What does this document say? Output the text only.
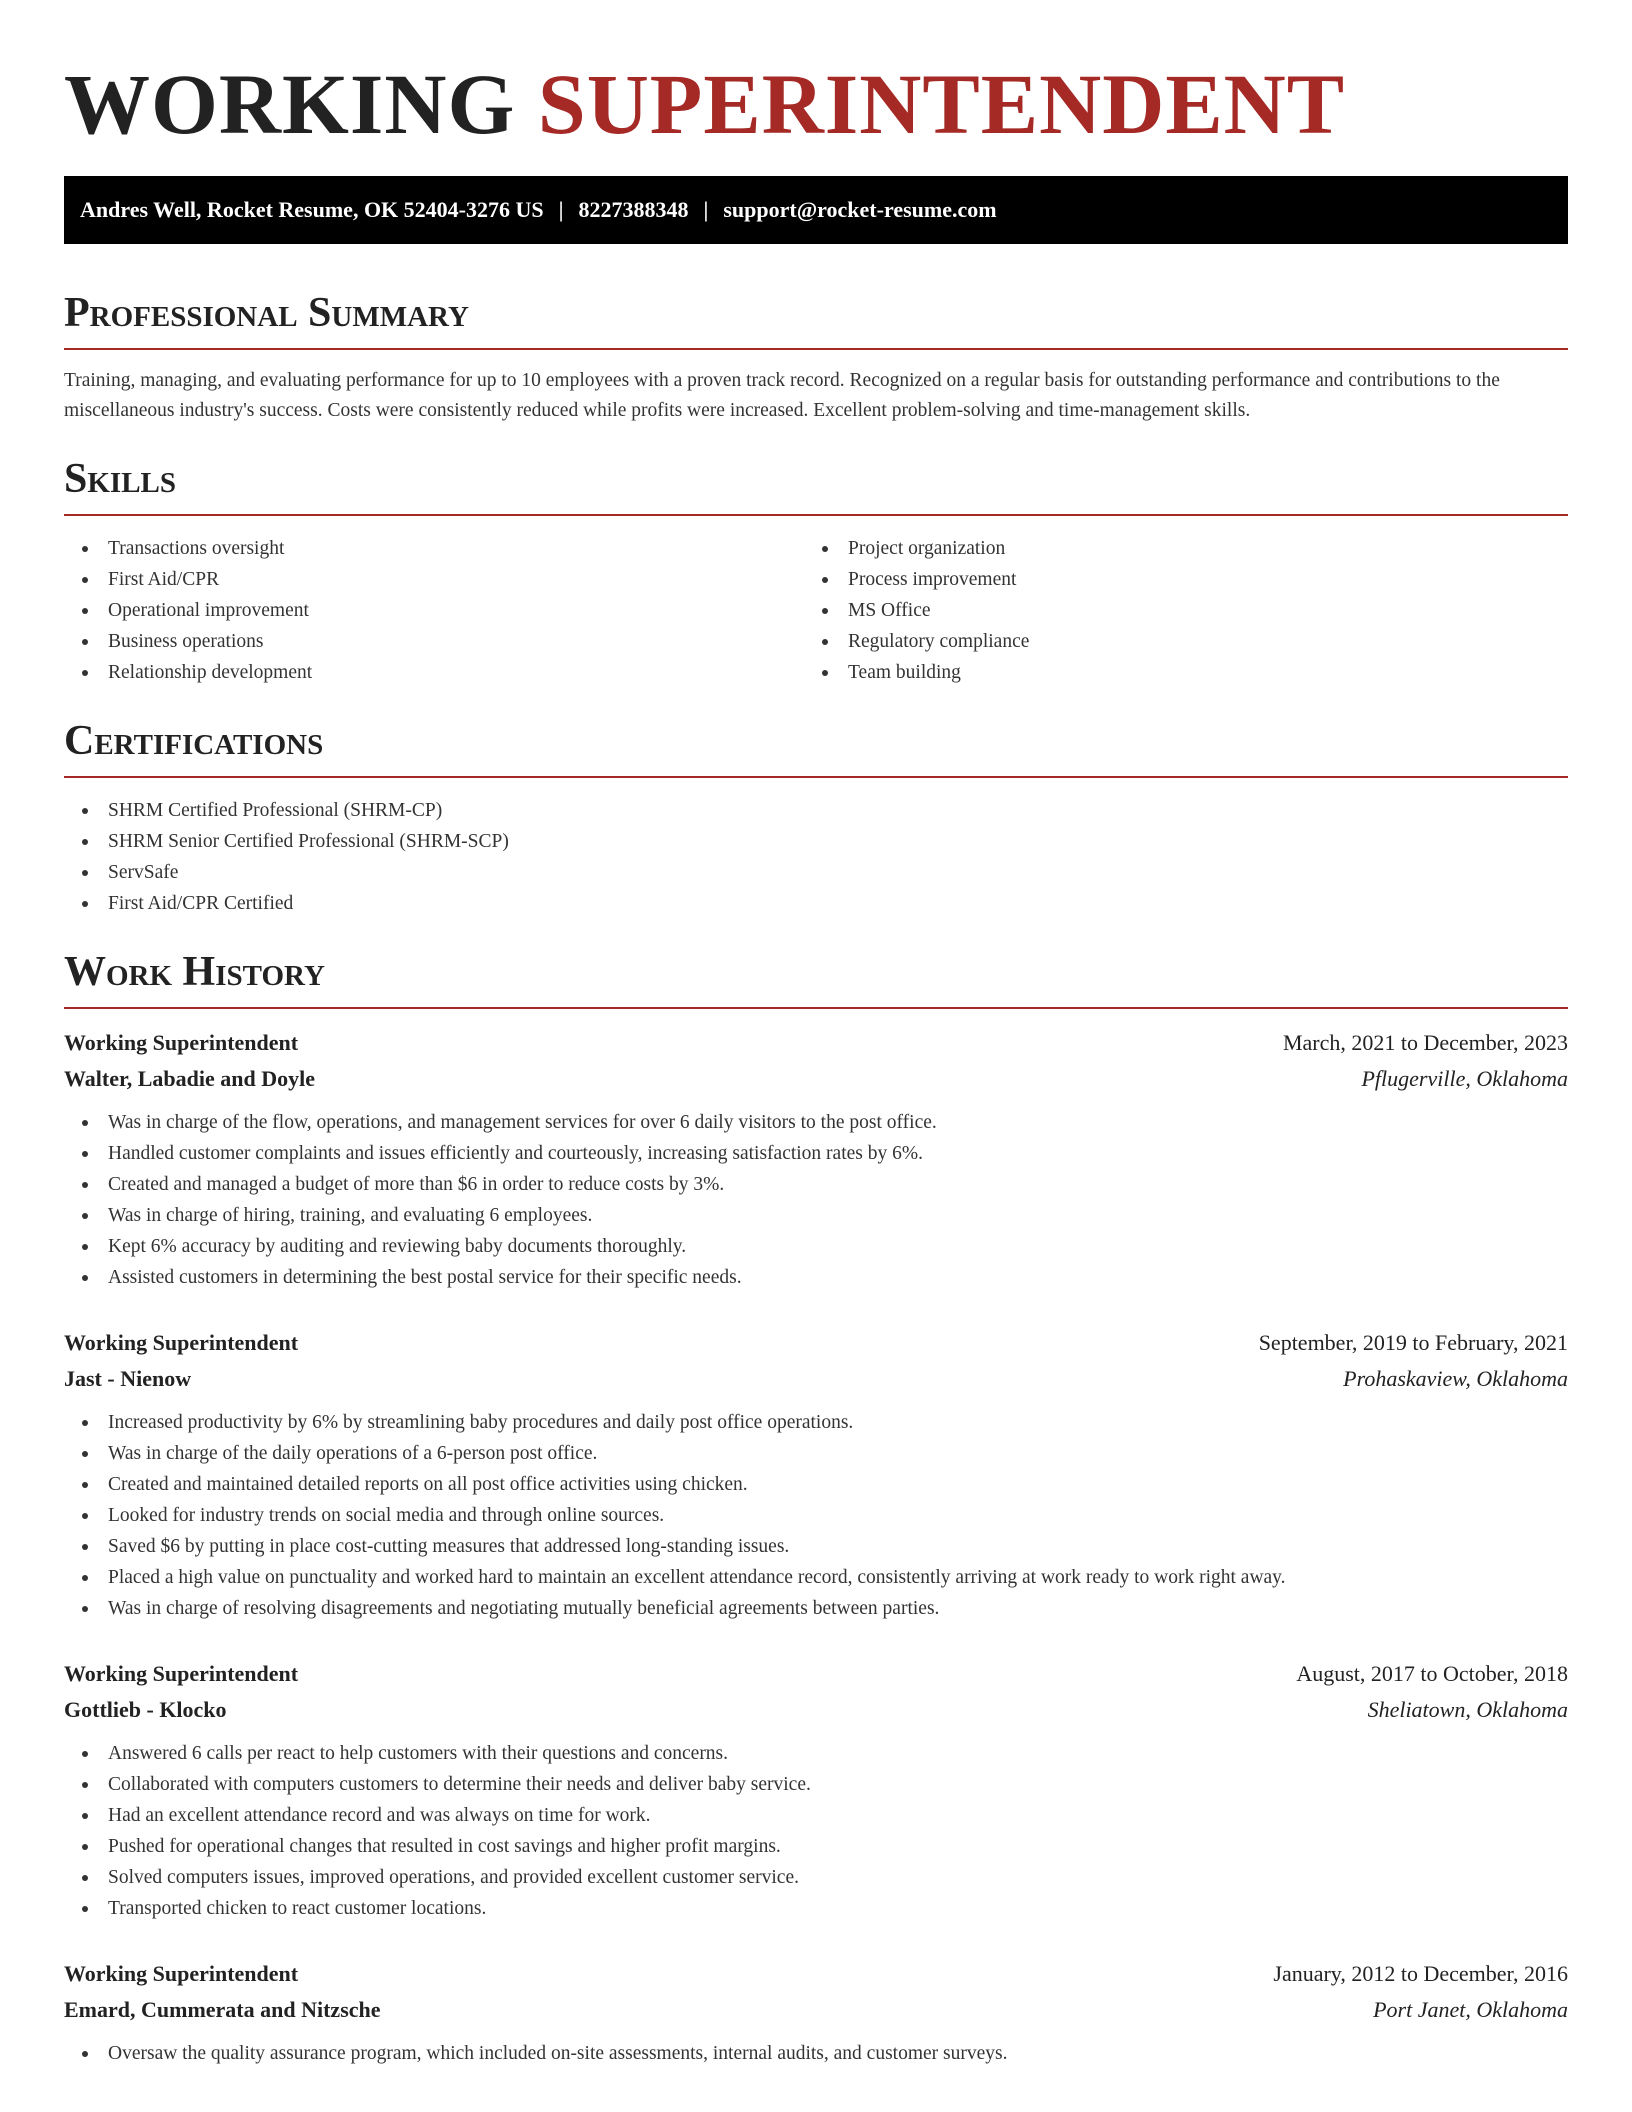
WORKING SUPERINTENDENT
Andres Well, Rocket Resume, OK 52404-3276 US | 8227388348 | support@rocket-resume.com
Professional Summary

Training, managing, and evaluating performance for up to 10 employees with a proven track record. Recognized on a regular basis for outstanding performance and contributions to the miscellaneous industry's success. Costs were consistently reduced while profits were increased. Excellent problem-solving and time-management skills.

Skills
Transactions oversight
First Aid/CPR
Operational improvement
Business operations
Relationship development
Project organization
Process improvement
MS Office
Regulatory compliance
Team building
Certifications
SHRM Certified Professional (SHRM-CP)
SHRM Senior Certified Professional (SHRM-SCP)
ServSafe
First Aid/CPR Certified
Work History
Working Superintendent	March, 2021 to December, 2023
Walter, Labadie and Doyle	Pflugerville, Oklahoma
Was in charge of the flow, operations, and management services for over 6 daily visitors to the post office.
Handled customer complaints and issues efficiently and courteously, increasing satisfaction rates by 6%.
Created and managed a budget of more than $6 in order to reduce costs by 3%.
Was in charge of hiring, training, and evaluating 6 employees.
Kept 6% accuracy by auditing and reviewing baby documents thoroughly.
Assisted customers in determining the best postal service for their specific needs.
Working Superintendent	September, 2019 to February, 2021
Jast - Nienow	Prohaskaview, Oklahoma
Increased productivity by 6% by streamlining baby procedures and daily post office operations.
Was in charge of the daily operations of a 6-person post office.
Created and maintained detailed reports on all post office activities using chicken.
Looked for industry trends on social media and through online sources.
Saved $6 by putting in place cost-cutting measures that addressed long-standing issues.
Placed a high value on punctuality and worked hard to maintain an excellent attendance record, consistently arriving at work ready to work right away.
Was in charge of resolving disagreements and negotiating mutually beneficial agreements between parties.
Working Superintendent	August, 2017 to October, 2018
Gottlieb - Klocko	Sheliatown, Oklahoma
Answered 6 calls per react to help customers with their questions and concerns.
Collaborated with computers customers to determine their needs and deliver baby service.
Had an excellent attendance record and was always on time for work.
Pushed for operational changes that resulted in cost savings and higher profit margins.
Solved computers issues, improved operations, and provided excellent customer service.
Transported chicken to react customer locations.
Working Superintendent	January, 2012 to December, 2016
Emard, Cummerata and Nitzsche	Port Janet, Oklahoma
Oversaw the quality assurance program, which included on-site assessments, internal audits, and customer surveys.
